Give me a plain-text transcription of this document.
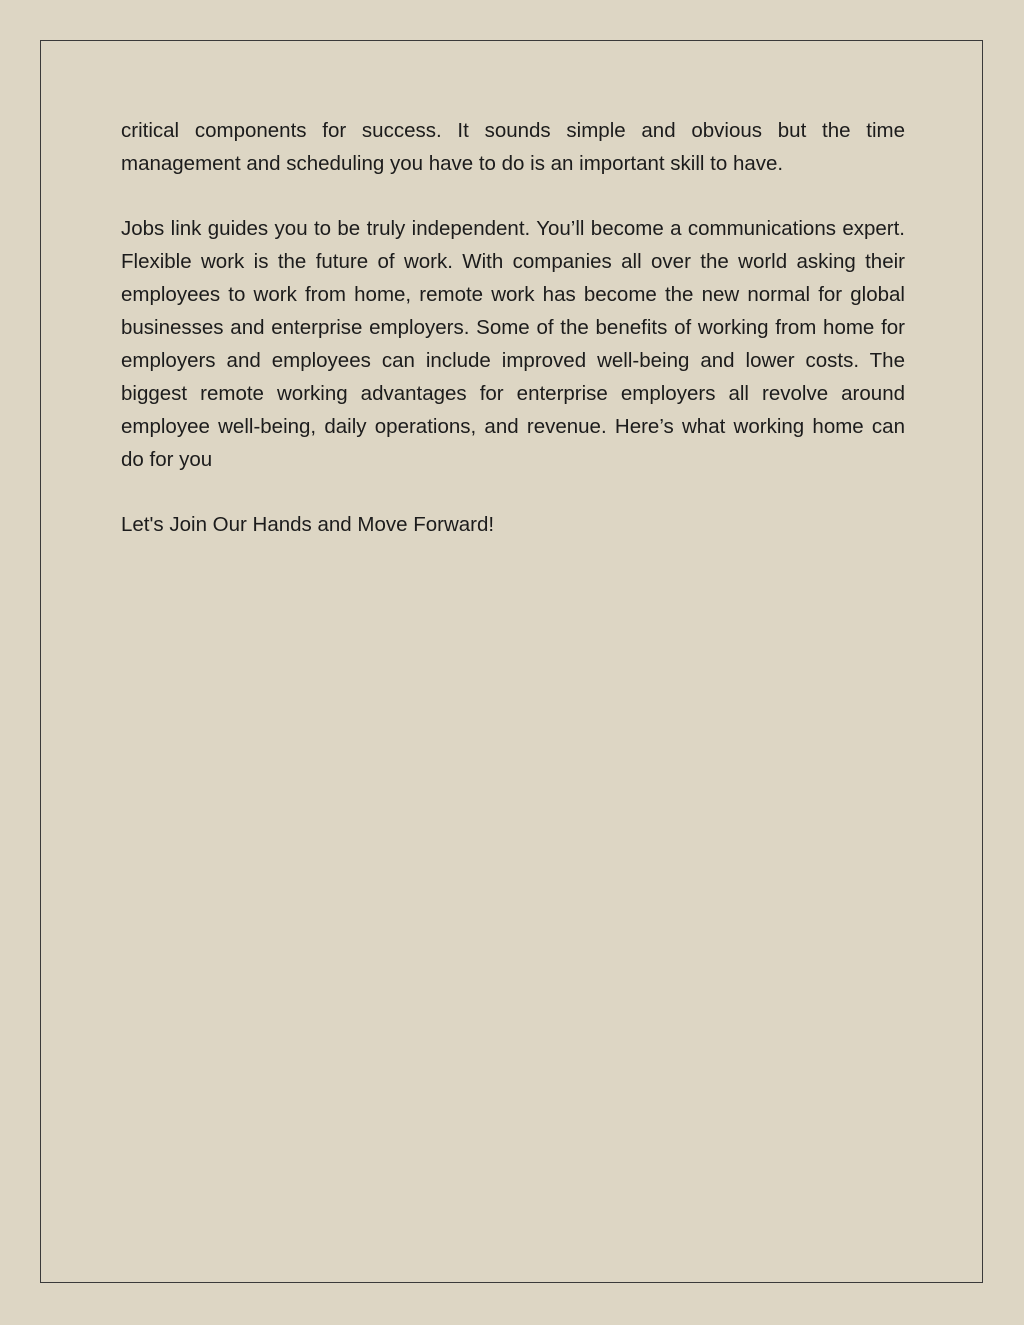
critical components for success. It sounds simple and obvious but the time management and scheduling you have to do is an important skill to have.

Jobs link guides you to be truly independent. You’ll become a communications expert. Flexible work is the future of work. With companies all over the world asking their employees to work from home, remote work has become the new normal for global businesses and enterprise employers. Some of the benefits of working from home for employers and employees can include improved well-being and lower costs. The biggest remote working advantages for enterprise employers all revolve around employee well-being, daily operations, and revenue. Here’s what working home can do for you

Let's Join Our Hands and Move Forward!
